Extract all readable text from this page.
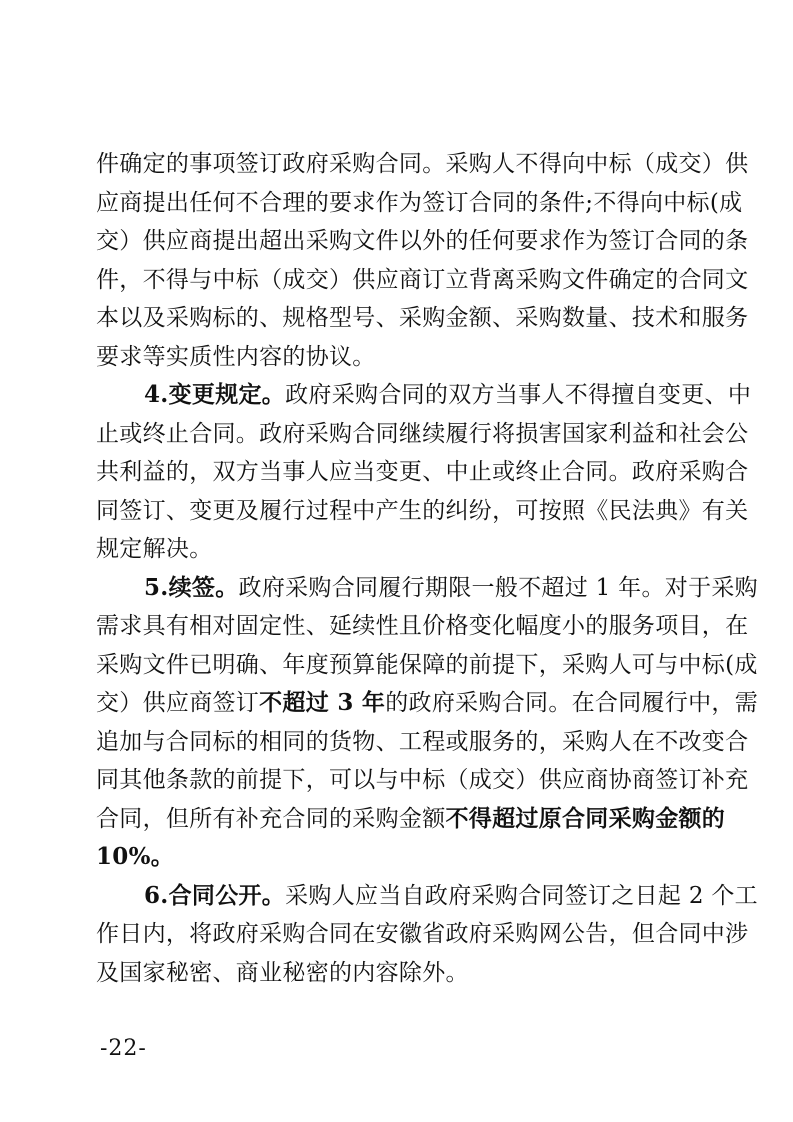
件确定的事项签订政府采购合同。采购人不得向中标（成交）供
应商提出任何不合理的要求作为签订合同的条件;不得向中标(成
交）供应商提出超出采购文件以外的任何要求作为签订合同的条
件，不得与中标（成交）供应商订立背离采购文件确定的合同文
本以及采购标的、规格型号、采购金额、采购数量、技术和服务
要求等实质性内容的协议。

4.变更规定。政府采购合同的双方当事人不得擅自变更、中
止或终止合同。政府采购合同继续履行将损害国家利益和社会公
共利益的，双方当事人应当变更、中止或终止合同。政府采购合
同签订、变更及履行过程中产生的纠纷，可按照《民法典》有关
规定解决。

5.续签。政府采购合同履行期限一般不超过 1 年。对于采购
需求具有相对固定性、延续性且价格变化幅度小的服务项目，在
采购文件已明确、年度预算能保障的前提下，采购人可与中标(成
交）供应商签订不超过 3 年的政府采购合同。在合同履行中，需
追加与合同标的相同的货物、工程或服务的，采购人在不改变合
同其他条款的前提下，可以与中标（成交）供应商协商签订补充
合同，但所有补充合同的采购金额不得超过原合同采购金额的
10%。

6.合同公开。采购人应当自政府采购合同签订之日起 2 个工
作日内，将政府采购合同在安徽省政府采购网公告，但合同中涉
及国家秘密、商业秘密的内容除外。

-22-
